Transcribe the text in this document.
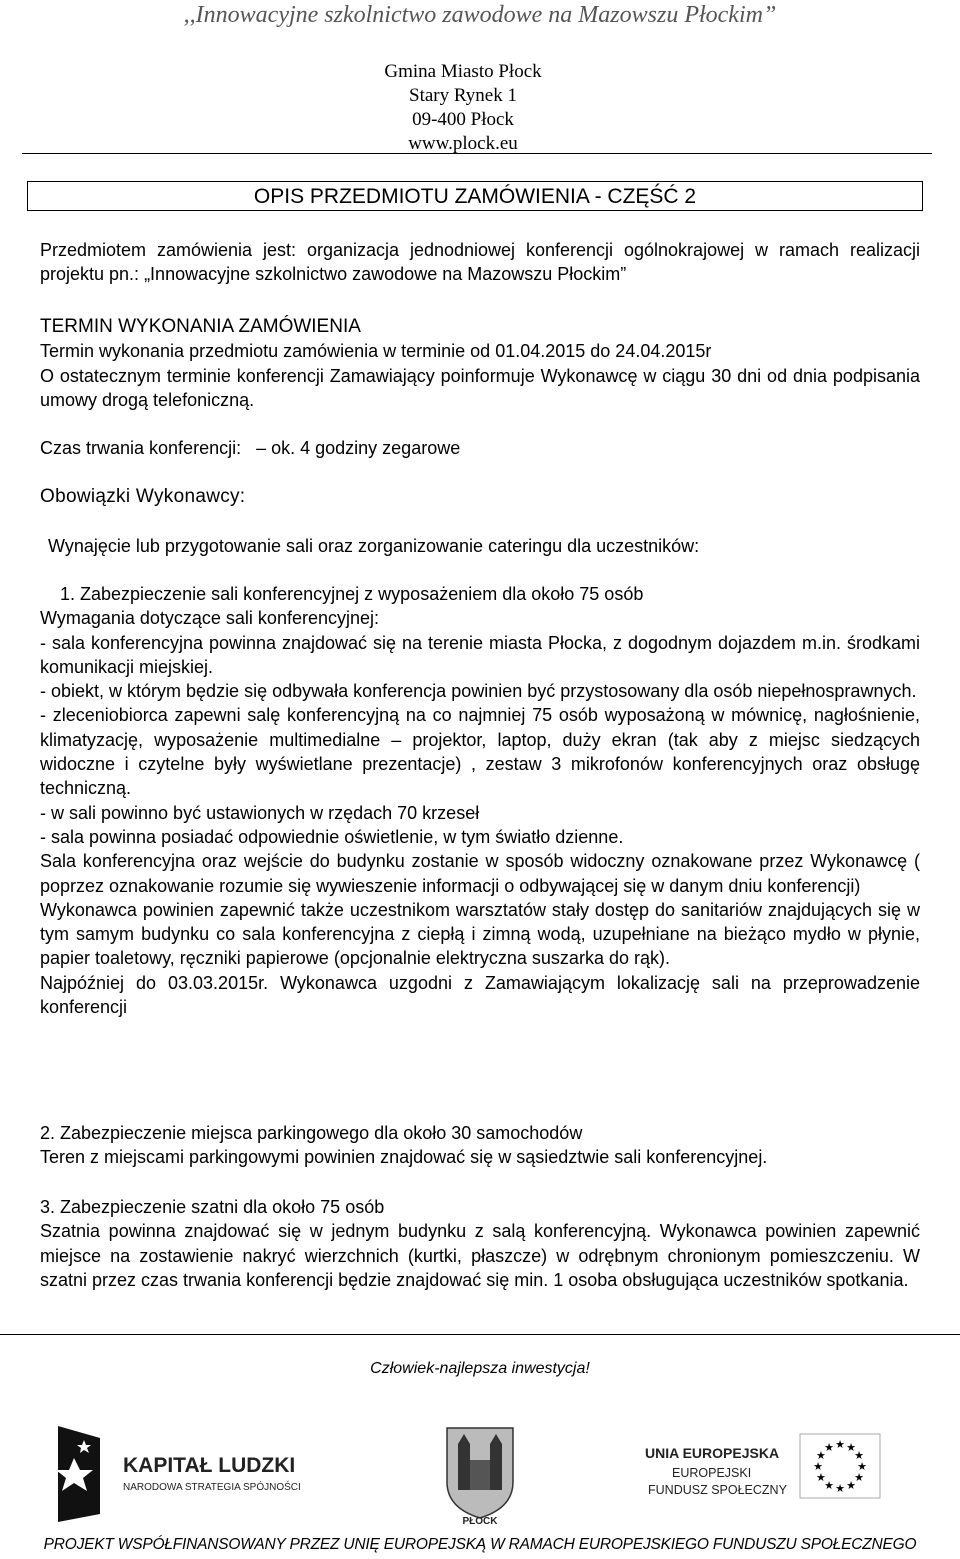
,,Innowacyjne szkolnictwo zawodowe na Mazowszu Płockim”
Gmina Miasto Płock
Stary Rynek 1
09-400 Płock
www.plock.eu
OPIS PRZEDMIOTU ZAMÓWIENIA - CZĘŚĆ 2
Przedmiotem zamówienia jest: organizacja jednodniowej konferencji ogólnokrajowej w ramach realizacji projektu pn.: „Innowacyjne szkolnictwo zawodowe na Mazowszu Płockim”
TERMIN WYKONANIA ZAMÓWIENIA
Termin wykonania przedmiotu zamówienia w terminie od 01.04.2015 do 24.04.2015r
O ostatecznym terminie konferencji Zamawiający poinformuje Wykonawcę w ciągu 30 dni od dnia podpisania umowy drogą telefoniczną.
Czas trwania konferencji: – ok. 4 godziny zegarowe
Obowiązki Wykonawcy:
Wynajęcie lub przygotowanie sali oraz zorganizowanie cateringu dla uczestników:
1. Zabezpieczenie sali konferencyjnej z wyposażeniem dla około 75 osób
Wymagania dotyczące sali konferencyjnej:
- sala konferencyjna powinna znajdować się na terenie miasta Płocka, z dogodnym dojazdem m.in. środkami komunikacji miejskiej.
- obiekt, w którym będzie się odbywała konferencja powinien być przystosowany dla osób niepełnosprawnych.
- zleceniobiorca zapewni salę konferencyjną na co najmniej 75 osób wyposażoną w mównicę, nagłośnienie, klimatyzację, wyposażenie multimedialne – projektor, laptop, duży ekran (tak aby z miejsc siedzących widoczne i czytelne były wyświetlane prezentacje) , zestaw 3 mikrofonów konferencyjnych oraz obsługę techniczną.
- w sali powinno być ustawionych w rzędach 70 krzeseł
- sala powinna posiadać odpowiednie oświetlenie, w tym światło dzienne.
Sala konferencyjna oraz wejście do budynku zostanie w sposób widoczny oznakowane przez Wykonawcę ( poprzez oznakowanie rozumie się wywieszenie informacji o odbywającej się w danym dniu konferencji)
Wykonawca powinien zapewnić także uczestnikom warsztatów stały dostęp do sanitariów znajdujących się w tym samym budynku co sala konferencyjna z ciepłą i zimną wodą, uzupełniane na bieżąco mydło w płynie, papier toaletowy, ręczniki papierowe (opcjonalnie elektryczna suszarka do rąk).
Najpóźniej do 03.03.2015r. Wykonawca uzgodni z Zamawiającym lokalizację sali na przeprowadzenie konferencji
2. Zabezpieczenie miejsca parkingowego dla około 30 samochodów
Teren z miejscami parkingowymi powinien znajdować się w sąsiedztwie sali konferencyjnej.
3. Zabezpieczenie szatni dla około 75 osób
Szatnia powinna znajdować się w jednym budynku z salą konferencyjną. Wykonawca powinien zapewnić miejsce na zostawienie nakryć wierzchnich (kurtki, płaszcze) w odrębnym chronionym pomieszczeniu. W szatni przez czas trwania konferencji będzie znajdować się min. 1 osoba obsługująca uczestników spotkania.
Człowiek-najlepsza inwestycja!
KAPITAŁ LUDZKI
NARODOWA STRATEGIA SPÓJNOŚCI
PŁOCK
UNIA EUROPEJSKA
EUROPEJSKI
FUNDUSZ SPOŁECZNY
★ ★
★
★
★
★
★
★
★
★
★
★
PROJEKT WSPÓŁFINANSOWANY PRZEZ UNIĘ EUROPEJSKĄ W RAMACH EUROPEJSKIEGO FUNDUSZU SPOŁECZNEGO
